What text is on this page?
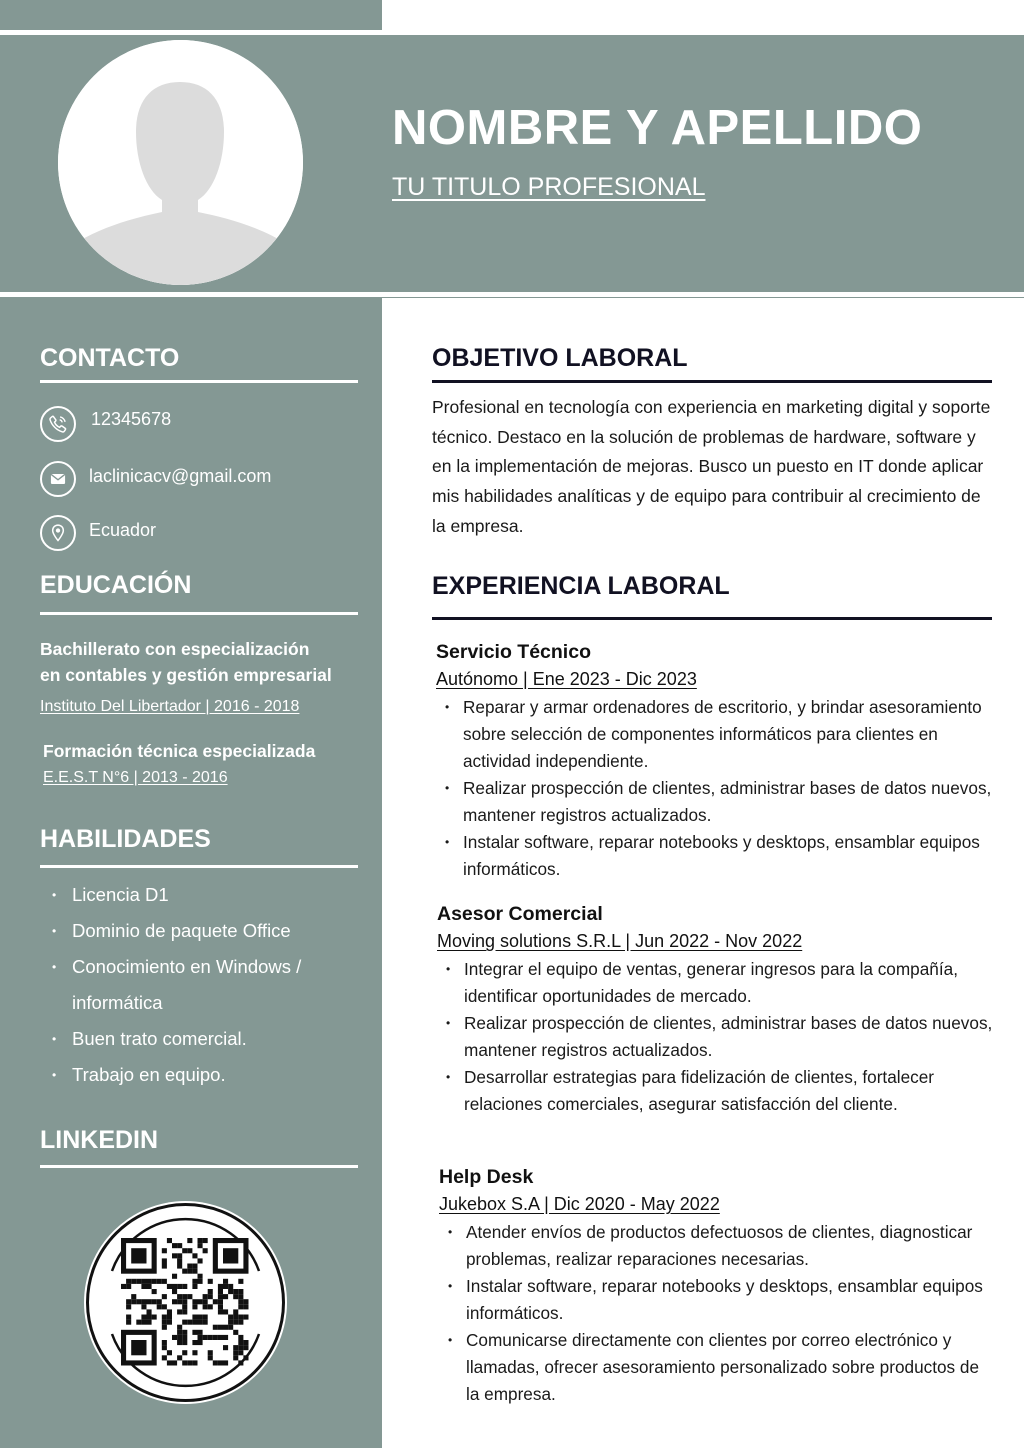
NOMBRE Y APELLIDO
TU TITULO PROFESIONAL
CONTACTO
12345678
laclinicacv@gmail.com
Ecuador
EDUCACIÓN
Bachillerato con especialización
en contables y gestión empresarial
Instituto Del Libertador | 2016 - 2018
Formación técnica especializada
E.E.S.T N°6 | 2013 - 2016
HABILIDADES
• Licencia D1
• Dominio de paquete Office
• Conocimiento en Windows / informática
• Buen trato comercial.
• Trabajo en equipo.
LINKEDIN
OBJETIVO LABORAL

Profesional en tecnología con experiencia en marketing digital y soporte técnico. Destaco en la solución de problemas de hardware, software y en la implementación de mejoras. Busco un puesto en IT donde aplicar mis habilidades analíticas y de equipo para contribuir al crecimiento de la empresa.

EXPERIENCIA LABORAL
Servicio Técnico
Autónomo | Ene 2023 - Dic 2023
• Reparar y armar ordenadores de escritorio, y brindar asesoramiento sobre selección de componentes informáticos para clientes en actividad independiente.
• Realizar prospección de clientes, administrar bases de datos nuevos, mantener registros actualizados.
• Instalar software, reparar notebooks y desktops, ensamblar equipos informáticos.
Asesor Comercial
Moving solutions S.R.L | Jun 2022 - Nov 2022
• Integrar el equipo de ventas, generar ingresos para la compañía, identificar oportunidades de mercado.
• Realizar prospección de clientes, administrar bases de datos nuevos, mantener registros actualizados.
• Desarrollar estrategias para fidelización de clientes, fortalecer relaciones comerciales, asegurar satisfacción del cliente.
Help Desk
Jukebox S.A | Dic 2020 - May 2022
• Atender envíos de productos defectuosos de clientes, diagnosticar problemas, realizar reparaciones necesarias.
• Instalar software, reparar notebooks y desktops, ensamblar equipos informáticos.
• Comunicarse directamente con clientes por correo electrónico y llamadas, ofrecer asesoramiento personalizado sobre productos de la empresa.
